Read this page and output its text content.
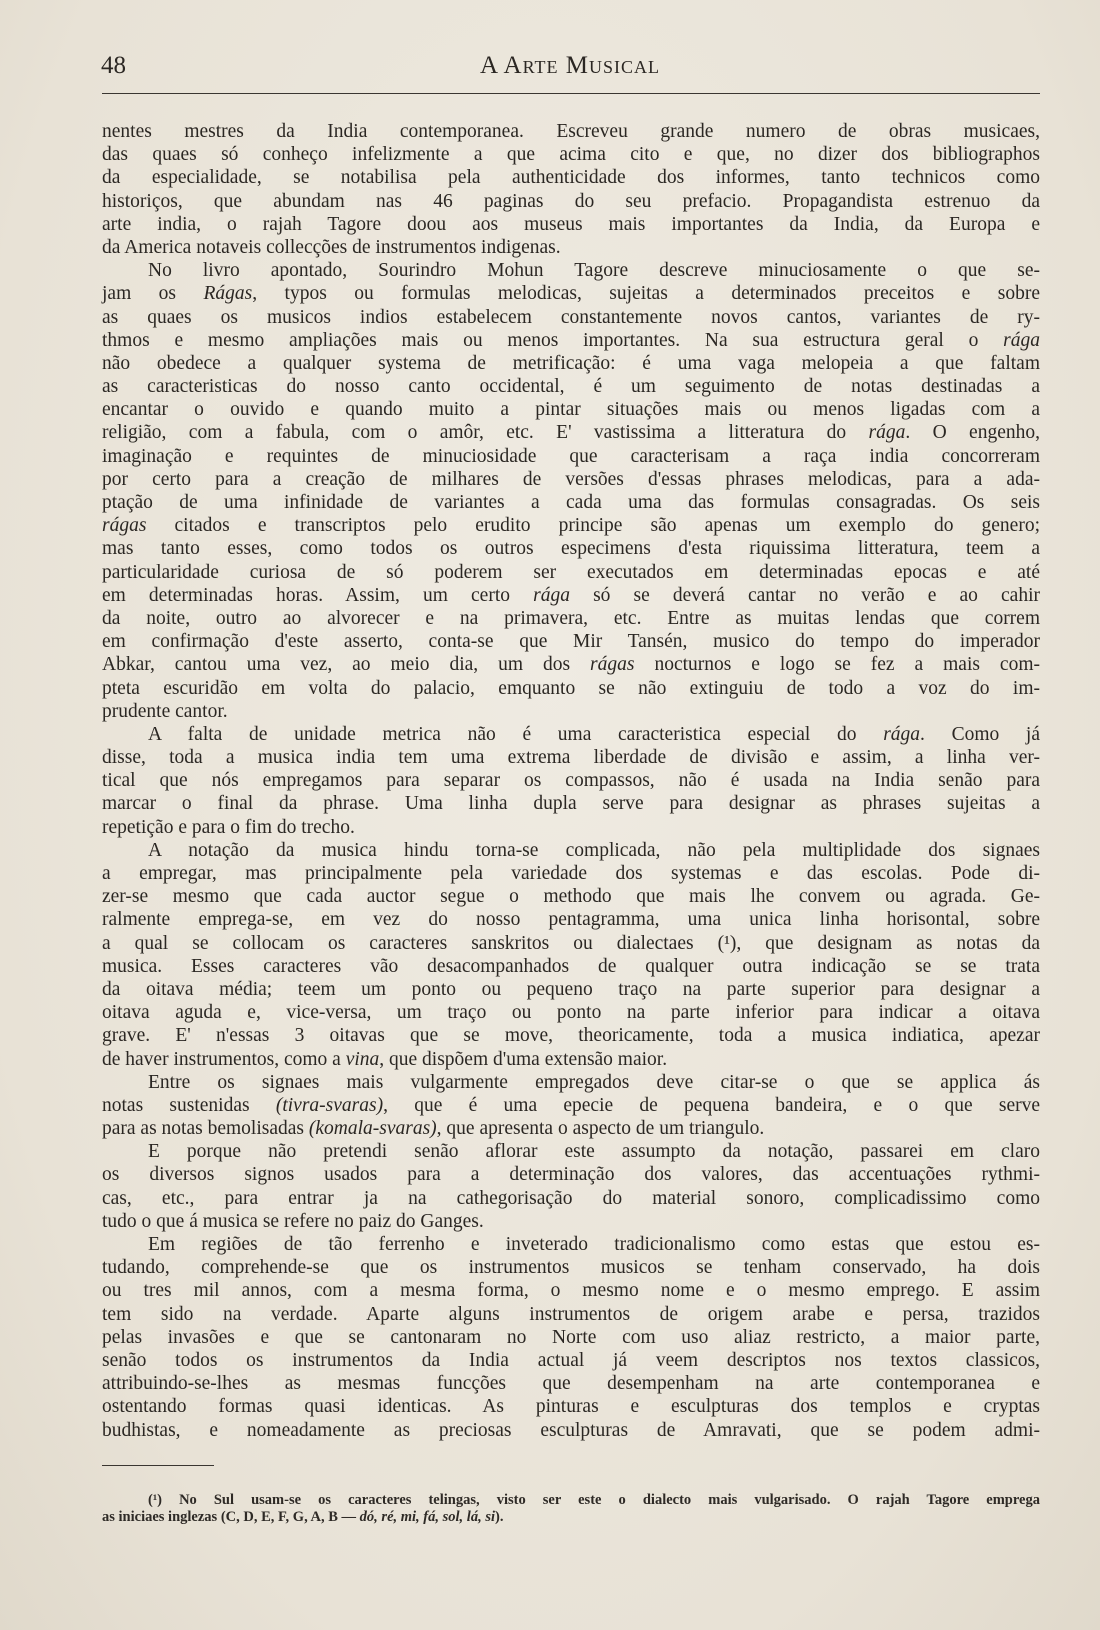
48	A Arte Musical
nentes mestres da India contemporanea. Escreveu grande numero de obras musicaes,
das quaes só conheço infelizmente a que acima cito e que, no dizer dos bibliographos
da especialidade, se notabilisa pela authenticidade dos informes, tanto technicos como
historiços, que abundam nas 46 paginas do seu prefacio. Propagandista estrenuo da
arte india, o rajah Tagore doou aos museus mais importantes da India, da Europa e
da America notaveis collecções de instrumentos indigenas.
No livro apontado, Sourindro Mohun Tagore descreve minuciosamente o que se-
jam os Rágas, typos ou formulas melodicas, sujeitas a determinados preceitos e sobre
as quaes os musicos indios estabelecem constantemente novos cantos, variantes de ry-
thmos e mesmo ampliações mais ou menos importantes. Na sua estructura geral o rága
não obedece a qualquer systema de metrificação: é uma vaga melopeia a que faltam
as caracteristicas do nosso canto occidental, é um seguimento de notas destinadas a
encantar o ouvido e quando muito a pintar situações mais ou menos ligadas com a
religião, com a fabula, com o amôr, etc. E' vastissima a litteratura do rága. O engenho,
imaginação e requintes de minuciosidade que caracterisam a raça india concorreram
por certo para a creação de milhares de versões d'essas phrases melodicas, para a ada-
ptação de uma infinidade de variantes a cada uma das formulas consagradas. Os seis
rágas citados e transcriptos pelo erudito principe são apenas um exemplo do genero;
mas tanto esses, como todos os outros especimens d'esta riquissima litteratura, teem a
particularidade curiosa de só poderem ser executados em determinadas epocas e até
em determinadas horas. Assim, um certo rága só se deverá cantar no verão e ao cahir
da noite, outro ao alvorecer e na primavera, etc. Entre as muitas lendas que correm
em confirmação d'este asserto, conta-se que Mir Tansén, musico do tempo do imperador
Abkar, cantou uma vez, ao meio dia, um dos rágas nocturnos e logo se fez a mais com-
pteta escuridão em volta do palacio, emquanto se não extinguiu de todo a voz do im-
prudente cantor.
A falta de unidade metrica não é uma caracteristica especial do rága. Como já
disse, toda a musica india tem uma extrema liberdade de divisão e assim, a linha ver-
tical que nós empregamos para separar os compassos, não é usada na India senão para
marcar o final da phrase. Uma linha dupla serve para designar as phrases sujeitas a
repetição e para o fim do trecho.
A notação da musica hindu torna-se complicada, não pela multiplidade dos signaes
a empregar, mas principalmente pela variedade dos systemas e das escolas. Pode di-
zer-se mesmo que cada auctor segue o methodo que mais lhe convem ou agrada. Ge-
ralmente emprega-se, em vez do nosso pentagramma, uma unica linha horisontal, sobre
a qual se collocam os caracteres sanskritos ou dialectaes (¹), que designam as notas da
musica. Esses caracteres vão desacompanhados de qualquer outra indicação se se trata
da oitava média; teem um ponto ou pequeno traço na parte superior para designar a
oitava aguda e, vice-versa, um traço ou ponto na parte inferior para indicar a oitava
grave. E' n'essas 3 oitavas que se move, theoricamente, toda a musica indiatica, apezar
de haver instrumentos, como a vina, que dispõem d'uma extensão maior.
Entre os signaes mais vulgarmente empregados deve citar-se o que se applica ás
notas sustenidas (tivra-svaras), que é uma epecie de pequena bandeira, e o que serve
para as notas bemolisadas (komala-svaras), que apresenta o aspecto de um triangulo.
E porque não pretendi senão aflorar este assumpto da notação, passarei em claro
os diversos signos usados para a determinação dos valores, das accentuações rythmi-
cas, etc., para entrar ja na cathegorisação do material sonoro, complicadissimo como
tudo o que á musica se refere no paiz do Ganges.
Em regiões de tão ferrenho e inveterado tradicionalismo como estas que estou es-
tudando, comprehende-se que os instrumentos musicos se tenham conservado, ha dois
ou tres mil annos, com a mesma forma, o mesmo nome e o mesmo emprego. E assim
tem sido na verdade. Aparte alguns instrumentos de origem arabe e persa, trazidos
pelas invasões e que se cantonaram no Norte com uso aliaz restricto, a maior parte,
senão todos os instrumentos da India actual já veem descriptos nos textos classicos,
attribuindo-se-lhes as mesmas funcções que desempenham na arte contemporanea e
ostentando formas quasi identicas. As pinturas e esculpturas dos templos e cryptas
budhistas, e nomeadamente as preciosas esculpturas de Amravati, que se podem admi-
(¹) No Sul usam-se os caracteres telingas, visto ser este o dialecto mais vulgarisado. O rajah Tagore emprega
as iniciaes inglezas (C, D, E, F, G, A, B — dó, ré, mi, fá, sol, lá, si).
